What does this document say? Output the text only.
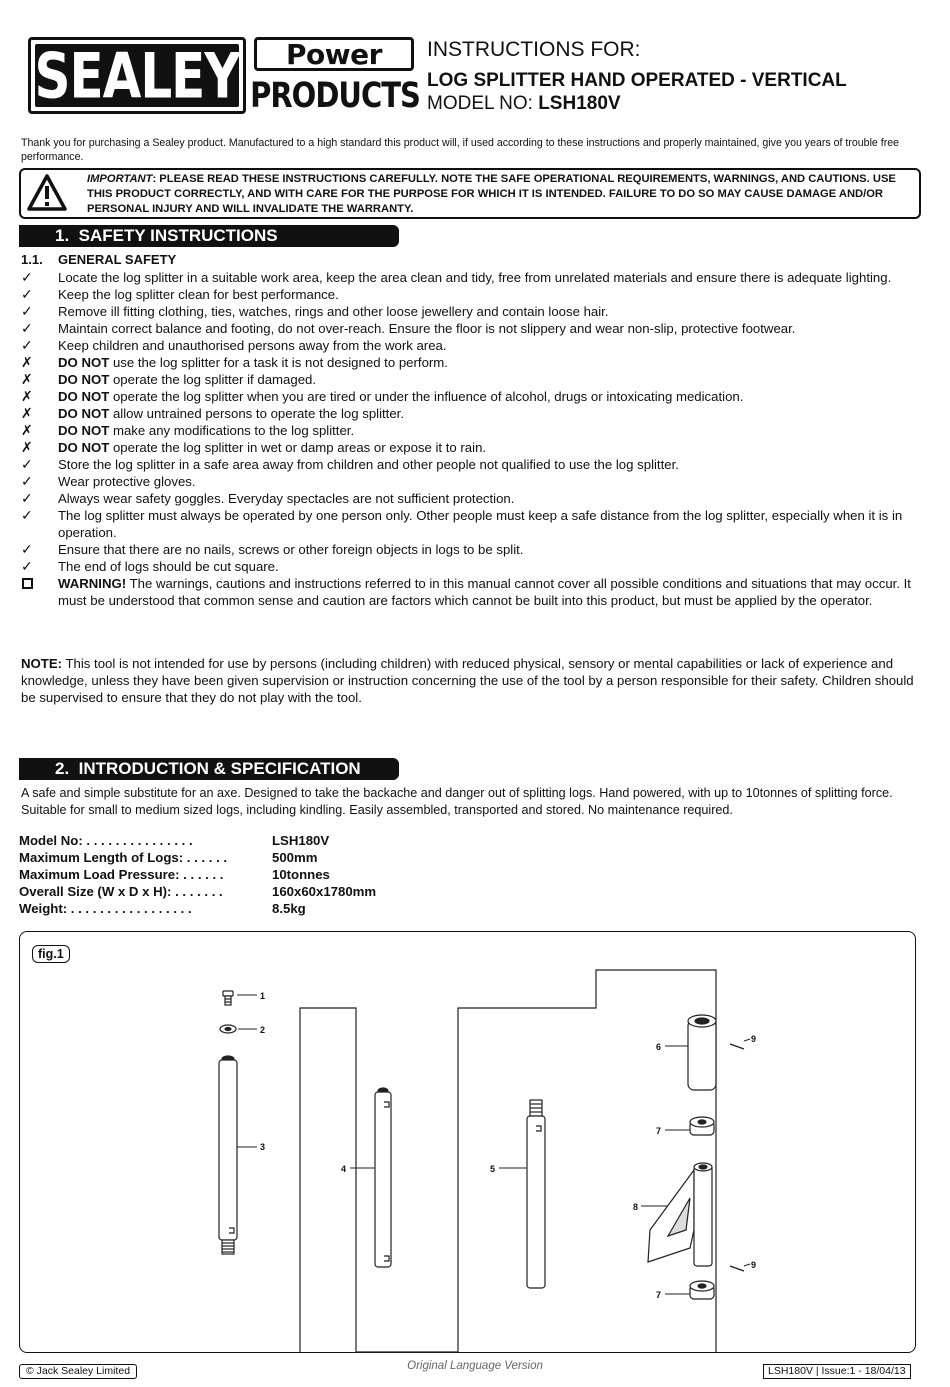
SEALEY Power
PRODUCTS
INSTRUCTIONS FOR:
LOG SPLITTER HAND OPERATED - VERTICAL
MODEL NO: LSH180V
Thank you for purchasing a Sealey product. Manufactured to a high standard this product will, if used according to these instructions and properly maintained, give you years of trouble free performance.
IMPORTANT: PLEASE READ THESE INSTRUCTIONS CAREFULLY. NOTE THE SAFE OPERATIONAL REQUIREMENTS, WARNINGS, AND CAUTIONS. USE THIS PRODUCT CORRECTLY, AND WITH CARE FOR THE PURPOSE FOR WHICH IT IS INTENDED. FAILURE TO DO SO MAY CAUSE DAMAGE AND/OR PERSONAL INJURY AND WILL INVALIDATE THE WARRANTY.
1. SAFETY INSTRUCTIONS
1.1. GENERAL SAFETY
✓	Locate the log splitter in a suitable work area, keep the area clean and tidy, free from unrelated materials and ensure there is adequate lighting.
✓	Keep the log splitter clean for best performance.
✓	Remove ill fitting clothing, ties, watches, rings and other loose jewellery and contain loose hair.
✓	Maintain correct balance and footing, do not over-reach. Ensure the floor is not slippery and wear non-slip, protective footwear.
✓	Keep children and unauthorised persons away from the work area.
✗	DO NOT use the log splitter for a task it is not designed to perform.
✗	DO NOT operate the log splitter if damaged.
✗	DO NOT operate the log splitter when you are tired or under the influence of alcohol, drugs or intoxicating medication.
✗	DO NOT allow untrained persons to operate the log splitter.
✗	DO NOT make any modifications to the log splitter.
✗	DO NOT operate the log splitter in wet or damp areas or expose it to rain.
✓	Store the log splitter in a safe area away from children and other people not qualified to use the log splitter.
✓	Wear protective gloves.
✓	Always wear safety goggles. Everyday spectacles are not sufficient protection.
✓	The log splitter must always be operated by one person only. Other people must keep a safe distance from the log splitter, especially when it is in operation.
✓	Ensure that there are no nails, screws or other foreign objects in logs to be split.
✓	The end of logs should be cut square.
WARNING! The warnings, cautions and instructions referred to in this manual cannot cover all possible conditions and situations that may occur. It must be understood that common sense and caution are factors which cannot be built into this product, but must be applied by the operator.
NOTE: This tool is not intended for use by persons (including children) with reduced physical, sensory or mental capabilities or lack of experience and knowledge, unless they have been given supervision or instruction concerning the use of the tool by a person responsible for their safety. Children should be supervised to ensure that they do not play with the tool.
2. INTRODUCTION & SPECIFICATION
A safe and simple substitute for an axe. Designed to take the backache and danger out of splitting logs. Hand powered, with up to 10tonnes of splitting force. Suitable for small to medium sized logs, including kindling. Easily assembled, transported and stored. No maintenance required.
Model No: . . . . . . . . . . . . . . .	LSH180V
Maximum Length of Logs: . . . . . .	500mm
Maximum Load Pressure: . . . . . .	10tonnes
Overall Size (W x D x H): . . . . . . .	160x60x1780mm
Weight: . . . . . . . . . . . . . . . . .	8.5kg
fig.1
1
2
3
4	5
6
7
8
7
9
9
© Jack Sealey Limited	Original Language Version	LSH180V | Issue:1 - 18/04/13
